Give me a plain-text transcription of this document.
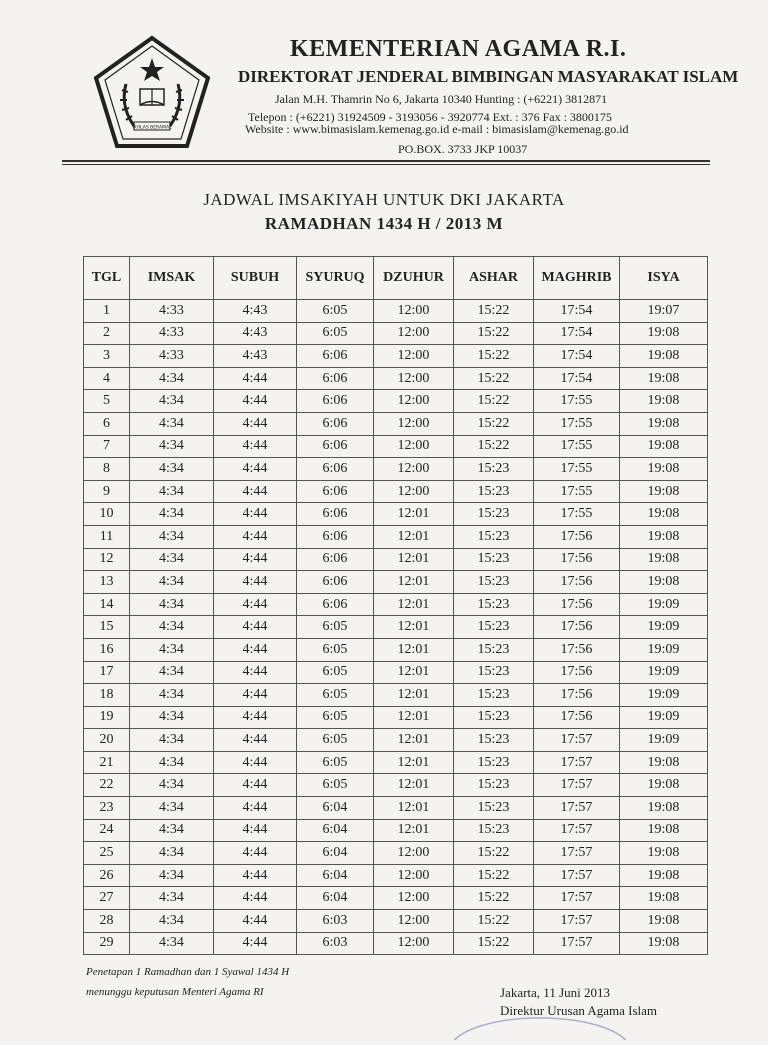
IKHLAS BERAMAL
KEMENTERIAN AGAMA R.I.
DIREKTORAT JENDERAL BIMBINGAN MASYARAKAT ISLAM
Jalan M.H. Thamrin No 6, Jakarta 10340 Hunting : (+6221) 3812871
Telepon : (+6221) 31924509 - 3193056 - 3920774 Ext. : 376 Fax : 3800175
Website : www.bimasislam.kemenag.go.id e-mail : bimasislam@kemenag.go.id
PO.BOX. 3733 JKP 10037
JADWAL IMSAKIYAH UNTUK DKI JAKARTA
RAMADHAN 1434 H / 2013 M
TGL	IMSAK	SUBUH	SYURUQ	DZUHUR	ASHAR	MAGHRIB	ISYA
1	4:33	4:43	6:05	12:00	15:22	17:54	19:07
2	4:33	4:43	6:05	12:00	15:22	17:54	19:08
3	4:33	4:43	6:06	12:00	15:22	17:54	19:08
4	4:34	4:44	6:06	12:00	15:22	17:54	19:08
5	4:34	4:44	6:06	12:00	15:22	17:55	19:08
6	4:34	4:44	6:06	12:00	15:22	17:55	19:08
7	4:34	4:44	6:06	12:00	15:22	17:55	19:08
8	4:34	4:44	6:06	12:00	15:23	17:55	19:08
9	4:34	4:44	6:06	12:00	15:23	17:55	19:08
10	4:34	4:44	6:06	12:01	15:23	17:55	19:08
11	4:34	4:44	6:06	12:01	15:23	17:56	19:08
12	4:34	4:44	6:06	12:01	15:23	17:56	19:08
13	4:34	4:44	6:06	12:01	15:23	17:56	19:08
14	4:34	4:44	6:06	12:01	15:23	17:56	19:09
15	4:34	4:44	6:05	12:01	15:23	17:56	19:09
16	4:34	4:44	6:05	12:01	15:23	17:56	19:09
17	4:34	4:44	6:05	12:01	15:23	17:56	19:09
18	4:34	4:44	6:05	12:01	15:23	17:56	19:09
19	4:34	4:44	6:05	12:01	15:23	17:56	19:09
20	4:34	4:44	6:05	12:01	15:23	17:57	19:09
21	4:34	4:44	6:05	12:01	15:23	17:57	19:08
22	4:34	4:44	6:05	12:01	15:23	17:57	19:08
23	4:34	4:44	6:04	12:01	15:23	17:57	19:08
24	4:34	4:44	6:04	12:01	15:23	17:57	19:08
25	4:34	4:44	6:04	12:00	15:22	17:57	19:08
26	4:34	4:44	6:04	12:00	15:22	17:57	19:08
27	4:34	4:44	6:04	12:00	15:22	17:57	19:08
28	4:34	4:44	6:03	12:00	15:22	17:57	19:08
29	4:34	4:44	6:03	12:00	15:22	17:57	19:08
Penetapan 1 Ramadhan dan 1 Syawal 1434 H
menunggu keputusan Menteri Agama RI	Jakarta, 11 Juni 2013
Direktur Urusan Agama Islam
